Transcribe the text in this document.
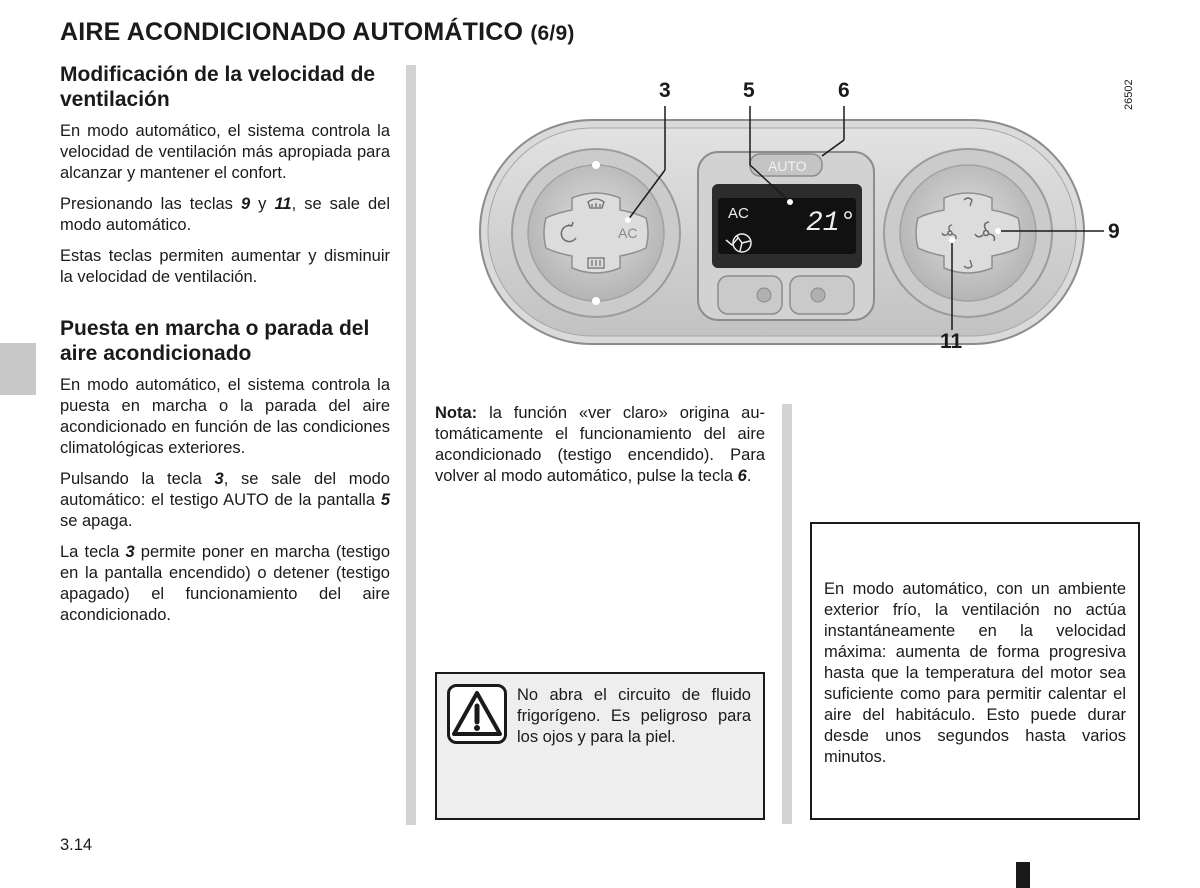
AIRE ACONDICIONADO AUTOMÁTICO (6/9)
Modificación de la velocidad de ventilación

En modo automático, el sistema controla la velocidad de ventilación más apropiada para alcanzar y mantener el confort.

Presionando las teclas 9 y 11, se sale del modo automático.

Estas teclas permiten aumentar y disminuir la velocidad de ventilación.

Puesta en marcha o parada del aire acondicionado

En modo automático, el sistema controla la puesta en marcha o la parada del aire acondicionado en función de las condiciones climatológicas exteriores.

Pulsando la tecla 3, se sale del modo automático: el testigo AUTO de la pantalla 5 se apaga.

La tecla 3 permite poner en marcha (testigo en la pantalla encendido) o detener (testigo apagado) el funcionamiento del aire acondicionado.

AC
AUTO
AC 21°
3	5	6
9
11
26502

Nota: la función «ver claro» origina automáticamente el funcionamiento del aire acondicionado (testigo encendido). Para volver al modo automático, pulse la tecla 6.

No abra el circuito de fluido frigorígeno. Es peligroso para los ojos y para la piel.

En modo automático, con un ambiente exterior frío, la ventilación no actúa instantáneamente en la velocidad máxima: aumenta de forma progresiva hasta que la temperatura del motor sea suficiente como para permitir calentar el aire del habitáculo. Esto puede durar desde unos segundos hasta varios minutos.

3.14
